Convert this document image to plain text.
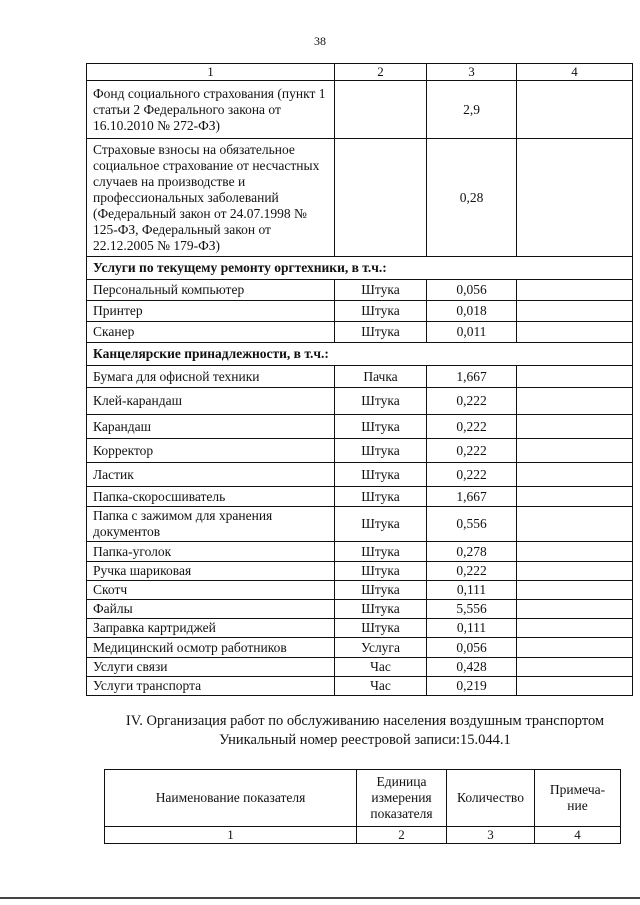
38
1	2	3	4
Фонд социального страхования (пункт 1 статьи 2 Федерального закона от 16.10.2010 № 272-ФЗ)		2,9	
Страховые взносы на обязательное социальное страхование от несчастных случаев на производстве и профессиональных заболеваний (Федеральный закон от 24.07.1998 № 125-ФЗ, Федеральный закон от 22.12.2005 № 179-ФЗ)		0,28	
Услуги по текущему ремонту оргтехники, в т.ч.:			
Персональный компьютер	Штука	0,056	
Принтер	Штука	0,018	
Сканер	Штука	0,011	
Канцелярские принадлежности, в т.ч.:			
Бумага для офисной техники	Пачка	1,667	
Клей-карандаш	Штука	0,222	
Карандаш	Штука	0,222	
Корректор	Штука	0,222	
Ластик	Штука	0,222	
Папка-скоросшиватель	Штука	1,667	
Папка с зажимом для хранения документов	Штука	0,556	
Папка-уголок	Штука	0,278	
Ручка шариковая	Штука	0,222	
Скотч	Штука	0,111	
Файлы	Штука	5,556	
Заправка картриджей	Штука	0,111	
Медицинский осмотр работников	Услуга	0,056	
Услуги связи	Час	0,428	
Услуги транспорта	Час	0,219	
IV. Организация работ по обслуживанию населения воздушным транспортом
Уникальный номер реестровой записи:15.044.1
Наименование показателя	Единица измерения показателя	Количество	Примеча-ние
1	2	3	4
